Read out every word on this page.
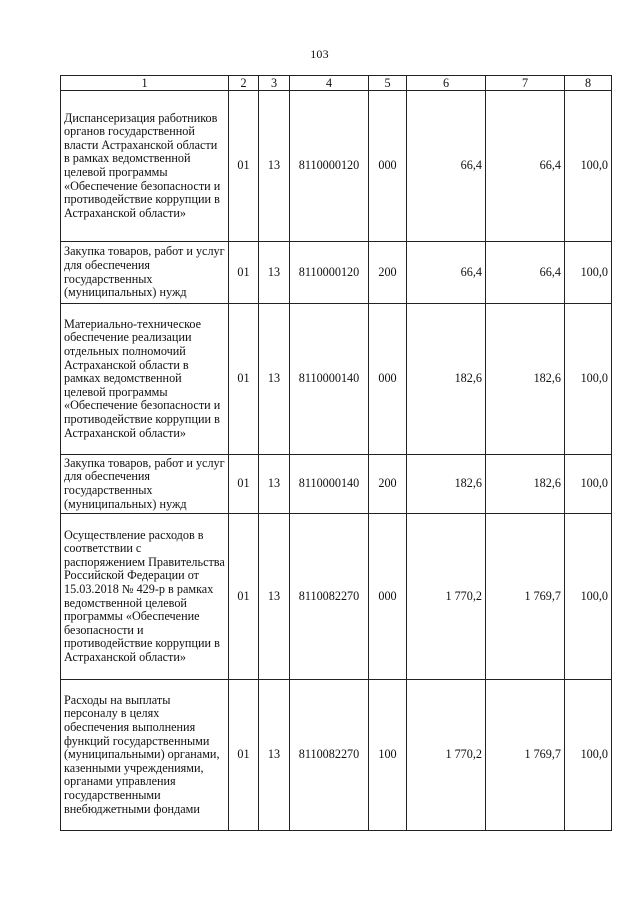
103
1	2	3	4	5	6	7	8
Диспансеризация работников органов государственной власти Астраханской области в рамках ведомственной целевой программы «Обеспечение безопасности и противодействие коррупции в Астраханской области»	01	13	8110000120	000	66,4	66,4	100,0
Закупка товаров, работ и услуг для обеспечения государственных (муниципальных) нужд	01	13	8110000120	200	66,4	66,4	100,0
Материально-техническое обеспечение реализации отдельных полномочий Астраханской области в рамках ведомственной целевой программы «Обеспечение безопасности и противодействие коррупции в Астраханской области»	01	13	8110000140	000	182,6	182,6	100,0
Закупка товаров, работ и услуг для обеспечения государственных (муниципальных) нужд	01	13	8110000140	200	182,6	182,6	100,0
Осуществление расходов в соответствии с распоряжением Правительства Российской Федерации от 15.03.2018 № 429-р в рамках ведомственной целевой программы «Обеспечение безопасности и противодействие коррупции в Астраханской области»	01	13	8110082270	000	1 770,2	1 769,7	100,0
Расходы на выплаты персоналу в целях обеспечения выполнения функций государственными (муниципальными) органами, казенными учреждениями, органами управления государственными внебюджетными фондами	01	13	8110082270	100	1 770,2	1 769,7	100,0
